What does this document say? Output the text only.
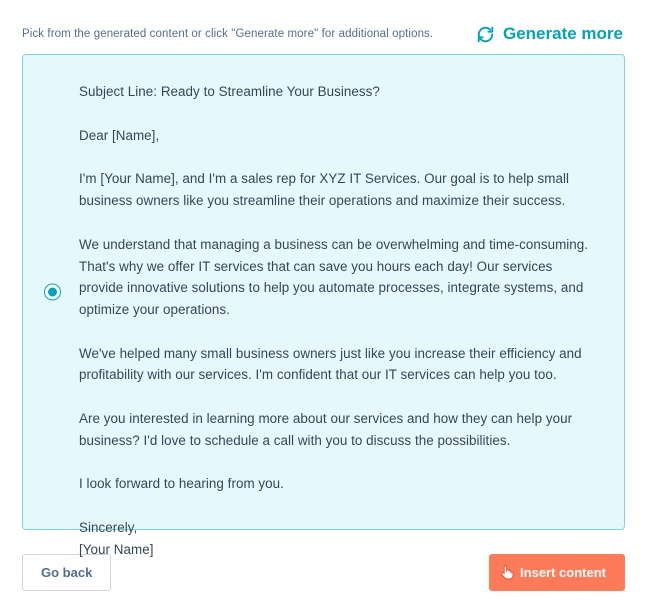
Pick from the generated content or click "Generate more" for additional options.	Generate more

Subject Line: Ready to Streamline Your Business?

Dear [Name],

I'm [Your Name], and I'm a sales rep for XYZ IT Services. Our goal is to help small business owners like you streamline their operations and maximize their success.

We understand that managing a business can be overwhelming and time-consuming. That's why we offer IT services that can save you hours each day! Our services provide innovative solutions to help you automate processes, integrate systems, and optimize your operations.

We've helped many small business owners just like you increase their efficiency and profitability with our services. I'm confident that our IT services can help you too.

Are you interested in learning more about our services and how they can help your business? I'd love to schedule a call with you to discuss the possibilities.

I look forward to hearing from you.

Sincerely,

[Your Name]

Go back	Insert content
